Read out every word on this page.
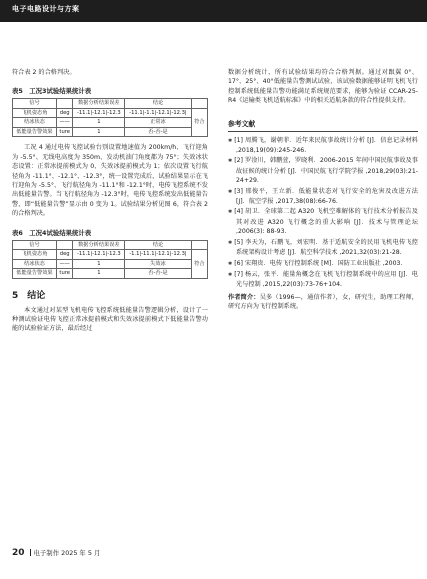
电子电路设计与方案

符合表 2 的合格判决。

表5　工况3试验结果统计表
信号		数据分析结果误差	结论	
飞机姿态角	deg	-11.1|-12.1|-12.3	-11.1|-1.1|-12.1|-12.3|	符合
结冰状态	——	1	正常冰	
低能量告警效果	ture	1	否-否-是	

工况 4 通过电传飞控试验台别设置地速值为 200km/h、飞行迎角为 -5.5°、无线电高度为 350m、发动机油门角度都为 75°；失效冰状态设置：正常冰提前模式为 0、失效冰提前模式为 1；依次设置飞行航径角为 -11.1°、-12.1°、-12.3°，统一设置完成后，试验结果显示在飞行迎角为 -5.5°、飞行航径角为 -11.1°和 -12.1°时，电传飞控系统不发出低能量告警。当飞行航径角为 -12.3°时，电传飞控系统发出低能量告警，即“低能量告警”显示由 0 变为 1。试验结果分析见图 6，符合表 2 的合格判决。

表6　工况4试验结果统计表
信号		数据分析结果误差	结论	
飞机姿态角	deg	-11.1|-12.1|-12.3	-1.1|-11.1|-12.1|-12.3|	符合
结冰状态	——	1	失效冰	
低能量告警效果	ture	1	否-否-是	
5　结论

本文通过对某型飞机电传飞控系统低能量告警逻辑分析，设计了一种测试验证电传飞控正常冰提前模式和失效冰提前模式下低能量告警功能的试验验证方法，最后经过

数据分析统计，所有试验结果均符合合格判据。通过对跟翼 0°、17°、25°、40°低能量告警测试试验，该试验数据能够证明飞机飞行控制系统低能量告警功能满足系统规范要求，能够为验证 CCAR-25-R4《运输类飞机适航标准》中的相关适航条款的符合性提供支持。

参考文献
✱ [1] 周腾飞，谢朝菲．近年来民航事故统计分析 [J]．信息记录材料 ,2018,19(09):245-246.
✱ [2] 罗淦川，韩鹏萱，罗晓利．2006-2015 年间中国民航事故及事故征候的统计分析 [J]．中国民航飞行学院学报 ,2018,29(03):21-24+29.
✱ [3] 邢俊平，王立新．低能量状态对飞行安全的危害及改进方法 [J]．航空学报 ,2017,38(08):66-76.
✱ [4] 胡卫．全球第二起 A320 飞机空难解体的飞行技术分析报告及其对改进 A320 飞行概念的重大影响 [J]．技术与管理论坛 ,2006(3): 88-93.
✱ [5] 李天为，石鹏飞，刘宏明．基于适航安全的民用飞机电传飞控系统架构设计考虑 [J]．航空科学技术 ,2021,32(03):21-28.
✱ [6] 宋翔贵．电传飞行控制系统 [M]．国防工业出版社 ,2003.
✱ [7] 杨云，张平．能量角概念在飞机飞行控制系统中的应用 [J]．电光与控制 ,2015,22(03):73-76+104.

作者简介：吴多（1996—，通信作者），女，研究生，助理工程师，研究方向为飞行控制系统。

20 电子制作 2025 年 5 月
